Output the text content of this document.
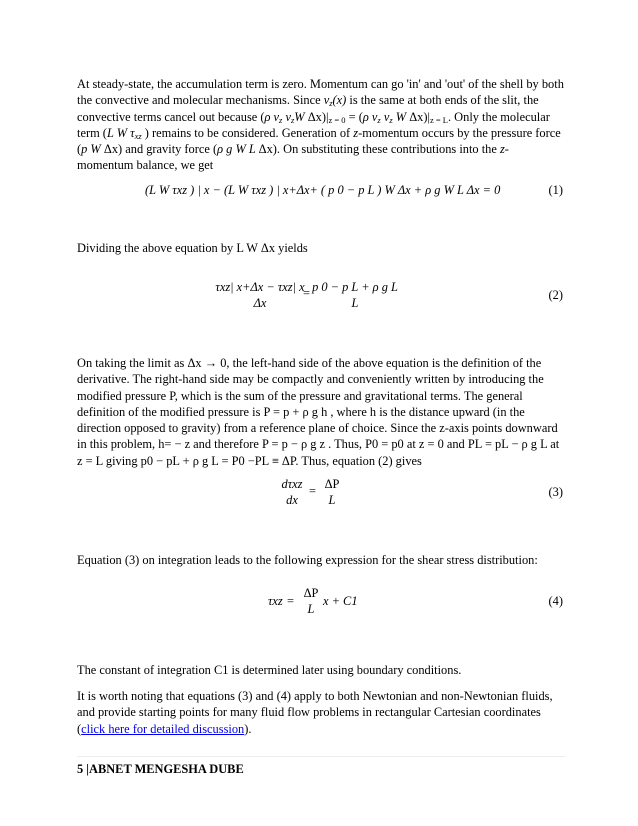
At steady-state, the accumulation term is zero. Momentum can go 'in' and 'out' of the shell by both the convective and molecular mechanisms. Since $v_z(x)$ is the same at both ends of the slit, the convective terms cancel out because (ρ $v_z$ $v_zW$ $\Delta x)|_{z = 0} = (\rho$ $v_z$ $v_z$ W $\Delta x)|_{z = L}$. Only the molecular term (L W $\tau_{xz}$ ) remains to be considered. Generation of z-momentum occurs by the pressure force (p W Δx) and gravity force (ρ g W L Δx). On substituting these contributions into the z-momentum balance, we get
(L W τxz ) | x − (L W τxz ) | x+Δx+ ( p 0 − p L ) W Δx + ρ g W L Δx = 0	(1)
Dividing the above equation by L W Δx yields
τxz| x+Δx − τxz| x
Δx
= p 0 − p L + ρ g L
L
(2)
On taking the limit as Δx → 0, the left-hand side of the above equation is the definition of the derivative. The right-hand side may be compactly and conveniently written by introducing the modified pressure P, which is the sum of the pressure and gravitational terms. The general definition of the modified pressure is P = p + ρ g h , where h is the distance upward (in the direction opposed to gravity) from a reference plane of choice. Since the z-axis points downward in this problem, h= − z and therefore P = p − ρ g z . Thus, P0 = p0 at z = 0 and PL = pL − ρ g L at z = L giving p0 − pL + ρ g L = P0 −PL ≡ ΔP. Thus, equation (2) gives
dτxz
dx
= ΔP
L
(3)
Equation (3) on integration leads to the following expression for the shear stress distribution:
τxz =
ΔP
L
x + C1	(4)
The constant of integration C1 is determined later using boundary conditions.
It is worth noting that equations (3) and (4) apply to both Newtonian and non-Newtonian fluids, and provide starting points for many fluid flow problems in rectangular Cartesian coordinates (click here for detailed discussion).
5 |ABNET MENGESHA DUBE
